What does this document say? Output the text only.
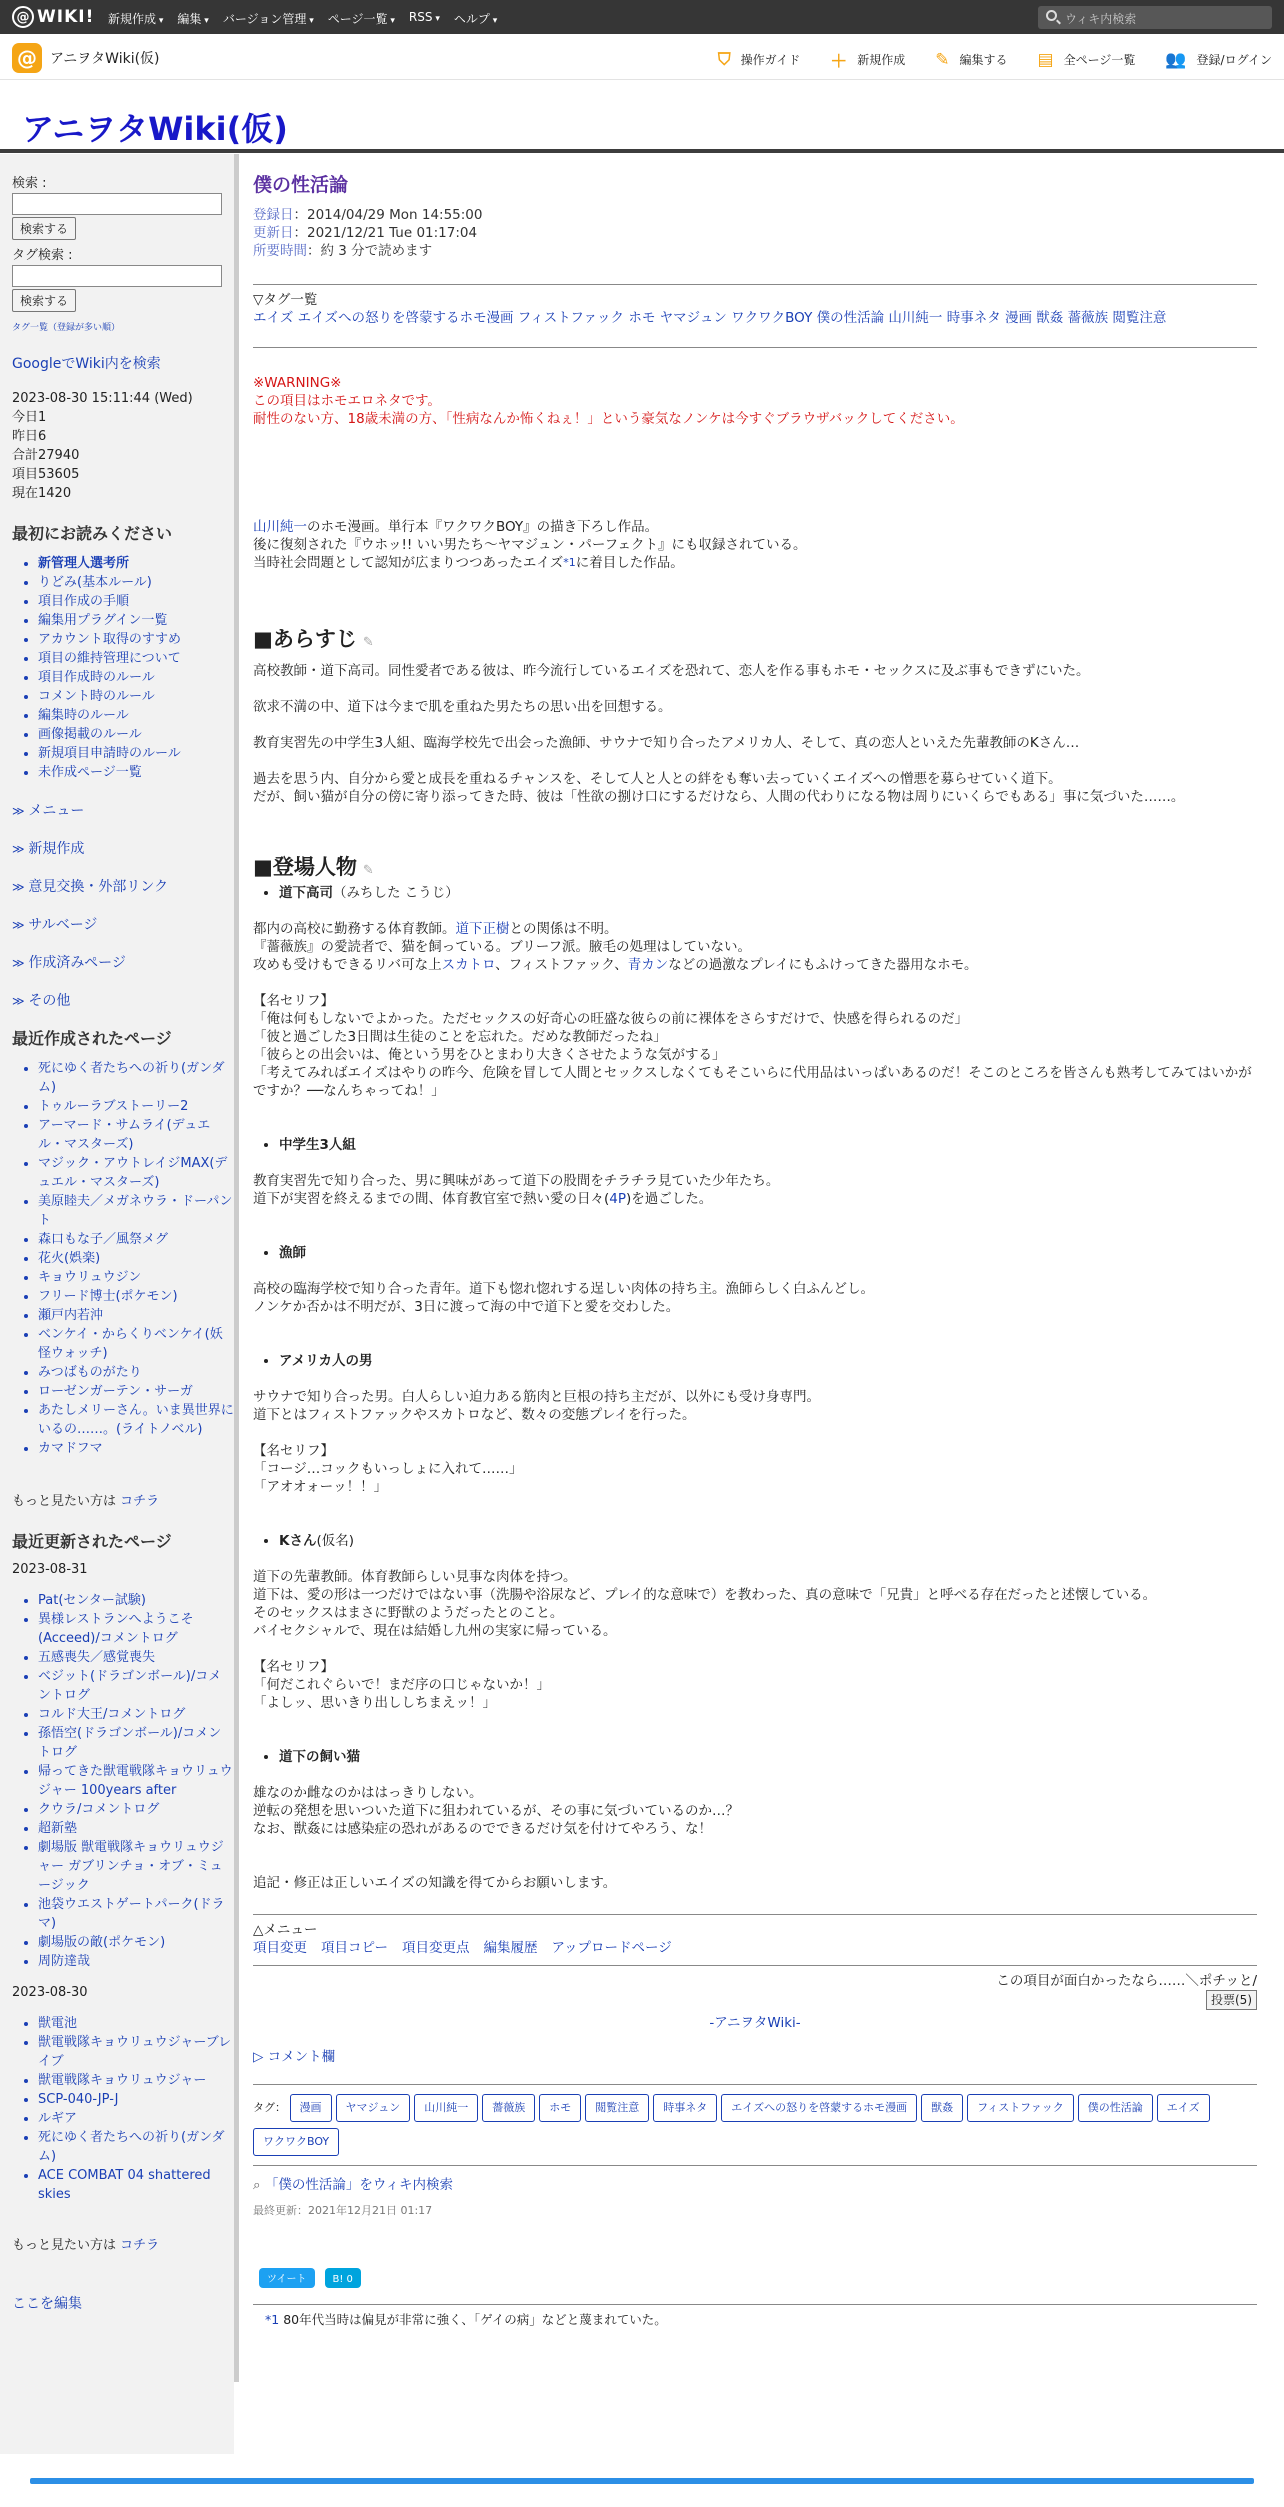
@ WIKI! 新規作成 ▾	編集 ▾	バージョン管理 ▾	ページ一覧 ▾	RSS ▾	ヘルプ ▾	ウィキ内検索
@ アニヲタWiki(仮)	⛉ 操作ガイド ＋ 新規作成 ✎ 編集する ▤ 全ページ一覧 👥 登録/ログイン
アニヲタWiki(仮)
検索 :
検索する
タグ検索 :
検索する
タグ一覧（登録が多い順）
GoogleでWiki内を検索
2023-08-30 15:11:44 (Wed)
今日1
昨日6
合計27940
項目53605
現在1420
最初にお読みください
• 新管理人選考所
• りどみ(基本ルール)
• 項目作成の手順
• 編集用プラグイン一覧
• アカウント取得のすすめ
• 項目の維持管理について
• 項目作成時のルール
• コメント時のルール
• 編集時のルール
• 画像掲載のルール
• 新規項目申請時のルール
• 未作成ページ一覧
≫ メニュー
≫ 新規作成
≫ 意見交換・外部リンク
≫ サルベージ
≫ 作成済みページ
≫ その他
最近作成されたページ
• 死にゆく者たちへの祈り(ガンダム)
• トゥルーラブストーリー2
• アーマード・サムライ(デュエル・マスターズ)
• マジック・アウトレイジMAX(デュエル・マスターズ)
• 美原睦夫／メガネウラ・ドーパント
• 森口もな子／風祭メグ
• 花火(娯楽)
• キョウリュウジン
• フリード博士(ポケモン)
• 瀬戸内若沖
• ベンケイ・からくりベンケイ(妖怪ウォッチ)
• みつばものがたり
• ローゼンガーテン・サーガ
• あたしメリーさん。いま異世界にいるの……。(ライトノベル)
• カマドフマ
もっと見たい方は コチラ
最近更新されたページ
2023-08-31
• Pat(センター試験)
• 異様レストランへようこそ(Acceed)/コメントログ
• 五感喪失／感覚喪失
• ベジット(ドラゴンボール)/コメントログ
• コルド大王/コメントログ
• 孫悟空(ドラゴンボール)/コメントログ
• 帰ってきた獣電戦隊キョウリュウジャー 100years after
• クウラ/コメントログ
• 超新塾
• 劇場版 獣電戦隊キョウリュウジャー ガブリンチョ・オブ・ミュージック
• 池袋ウエストゲートパーク(ドラマ)
• 劇場版の敵(ポケモン)
• 周防達哉
2023-08-30
• 獣電池
• 獣電戦隊キョウリュウジャーブレイブ
• 獣電戦隊キョウリュウジャー
• SCP-040-JP-J
• ルギア
• 死にゆく者たちへの祈り(ガンダム)
• ACE COMBAT 04 shattered skies
もっと見たい方は コチラ
ここを編集
僕の性活論
登録日：2014/04/29 Mon 14:55:00
更新日：2021/12/21 Tue 01:17:04
所要時間：約 3 分で読めます
▽タグ一覧
エイズ エイズへの怒りを啓蒙するホモ漫画 フィストファック ホモ ヤマジュン ワクワクBOY 僕の性活論 山川純一 時事ネタ 漫画 獣姦 薔薇族 閲覧注意
※WARNING※
この項目はホモエロネタです。
耐性のない方、18歳未満の方、「性病なんか怖くねぇ！」という豪気なノンケは今すぐブラウザバックしてください。

山川純一のホモ漫画。単行本『ワクワクBOY』の描き下ろし作品。

後に復刻された『ウホッ!! いい男たち〜ヤマジュン・パーフェクト』にも収録されている。

当時社会問題として認知が広まりつつあったエイズ$^{*1}$に着目した作品。

■あらすじ ✎

高校教師・道下高司。同性愛者である彼は、昨今流行しているエイズを恐れて、恋人を作る事もホモ・セックスに及ぶ事もできずにいた。

欲求不満の中、道下は今まで肌を重ねた男たちの思い出を回想する。

教育実習先の中学生3人組、臨海学校先で出会った漁師、サウナで知り合ったアメリカ人、そして、真の恋人といえた先輩教師のKさん…

過去を思う内、自分から愛と成長を重ねるチャンスを、そして人と人との絆をも奪い去っていくエイズへの憎悪を募らせていく道下。

だが、飼い猫が自分の傍に寄り添ってきた時、彼は「性欲の捌け口にするだけなら、人間の代わりになる物は周りにいくらでもある」事に気づいた……。

■登場人物 ✎
• 道下高司（みちした こうじ）

都内の高校に勤務する体育教師。道下正樹との関係は不明。

『薔薇族』の愛読者で、猫を飼っている。ブリーフ派。腋毛の処理はしていない。

攻めも受けもできるリバ可な上スカトロ、フィストファック、青カンなどの過激なプレイにもふけってきた器用なホモ。

【名セリフ】

「俺は何もしないでよかった。ただセックスの好奇心の旺盛な彼らの前に裸体をさらすだけで、快感を得られるのだ」

「彼と過ごした3日間は生徒のことを忘れた。だめな教師だったね」

「彼らとの出会いは、俺という男をひとまわり大きくさせたような気がする」

「考えてみればエイズはやりの昨今、危険を冒して人間とセックスしなくてもそこいらに代用品はいっぱいあるのだ！そこのところを皆さんも熟考してみてはいかがですか？──なんちゃってね！」

• 中学生3人組

教育実習先で知り合った、男に興味があって道下の股間をチラチラ見ていた少年たち。

道下が実習を終えるまでの間、体育教官室で熱い愛の日々(4P)を過ごした。

• 漁師

高校の臨海学校で知り合った青年。道下も惚れ惚れする逞しい肉体の持ち主。漁師らしく白ふんどし。

ノンケか否かは不明だが、3日に渡って海の中で道下と愛を交わした。

• アメリカ人の男

サウナで知り合った男。白人らしい迫力ある筋肉と巨根の持ち主だが、以外にも受け身専門。

道下とはフィストファックやスカトロなど、数々の変態プレイを行った。

【名セリフ】

「コージ…コックもいっしょに入れて……」

「アオオォーッ！！」

• Kさん(仮名)

道下の先輩教師。体育教師らしい見事な肉体を持つ。

道下は、愛の形は一つだけではない事（洗腸や浴尿など、プレイ的な意味で）を教わった、真の意味で「兄貴」と呼べる存在だったと述懐している。

そのセックスはまさに野獣のようだったとのこと。

バイセクシャルで、現在は結婚し九州の実家に帰っている。

【名セリフ】

「何だこれぐらいで！まだ序の口じゃないか！」

「よしッ、思いきり出ししちまえッ！」

• 道下の飼い猫

雄なのか雌なのかははっきりしない。

逆転の発想を思いついた道下に狙われているが、その事に気づいているのか…？

なお、獣姦には感染症の恐れがあるのでできるだけ気を付けてやろう、な！

追記・修正は正しいエイズの知識を得てからお願いします。

△メニュー
項目変更 項目コピー 項目変更点 編集履歴 アップロードページ
この項目が面白かったなら……＼ポチッと/
投票(5)
-アニヲタWiki-
▷ コメント欄
タグ： 漫画 ヤマジュン 山川純一 薔薇族 ホモ 閲覧注意 時事ネタ エイズへの怒りを啓蒙するホモ漫画 獣姦 フィストファック 僕の性活論 エイズワクワクBOY
⌕ 「僕の性活論」をウィキ内検索
最終更新：2021年12月21日 01:17
ツイート	B! 0
*1 80年代当時は偏見が非常に強く、「ゲイの病」などと蔑まれていた。
